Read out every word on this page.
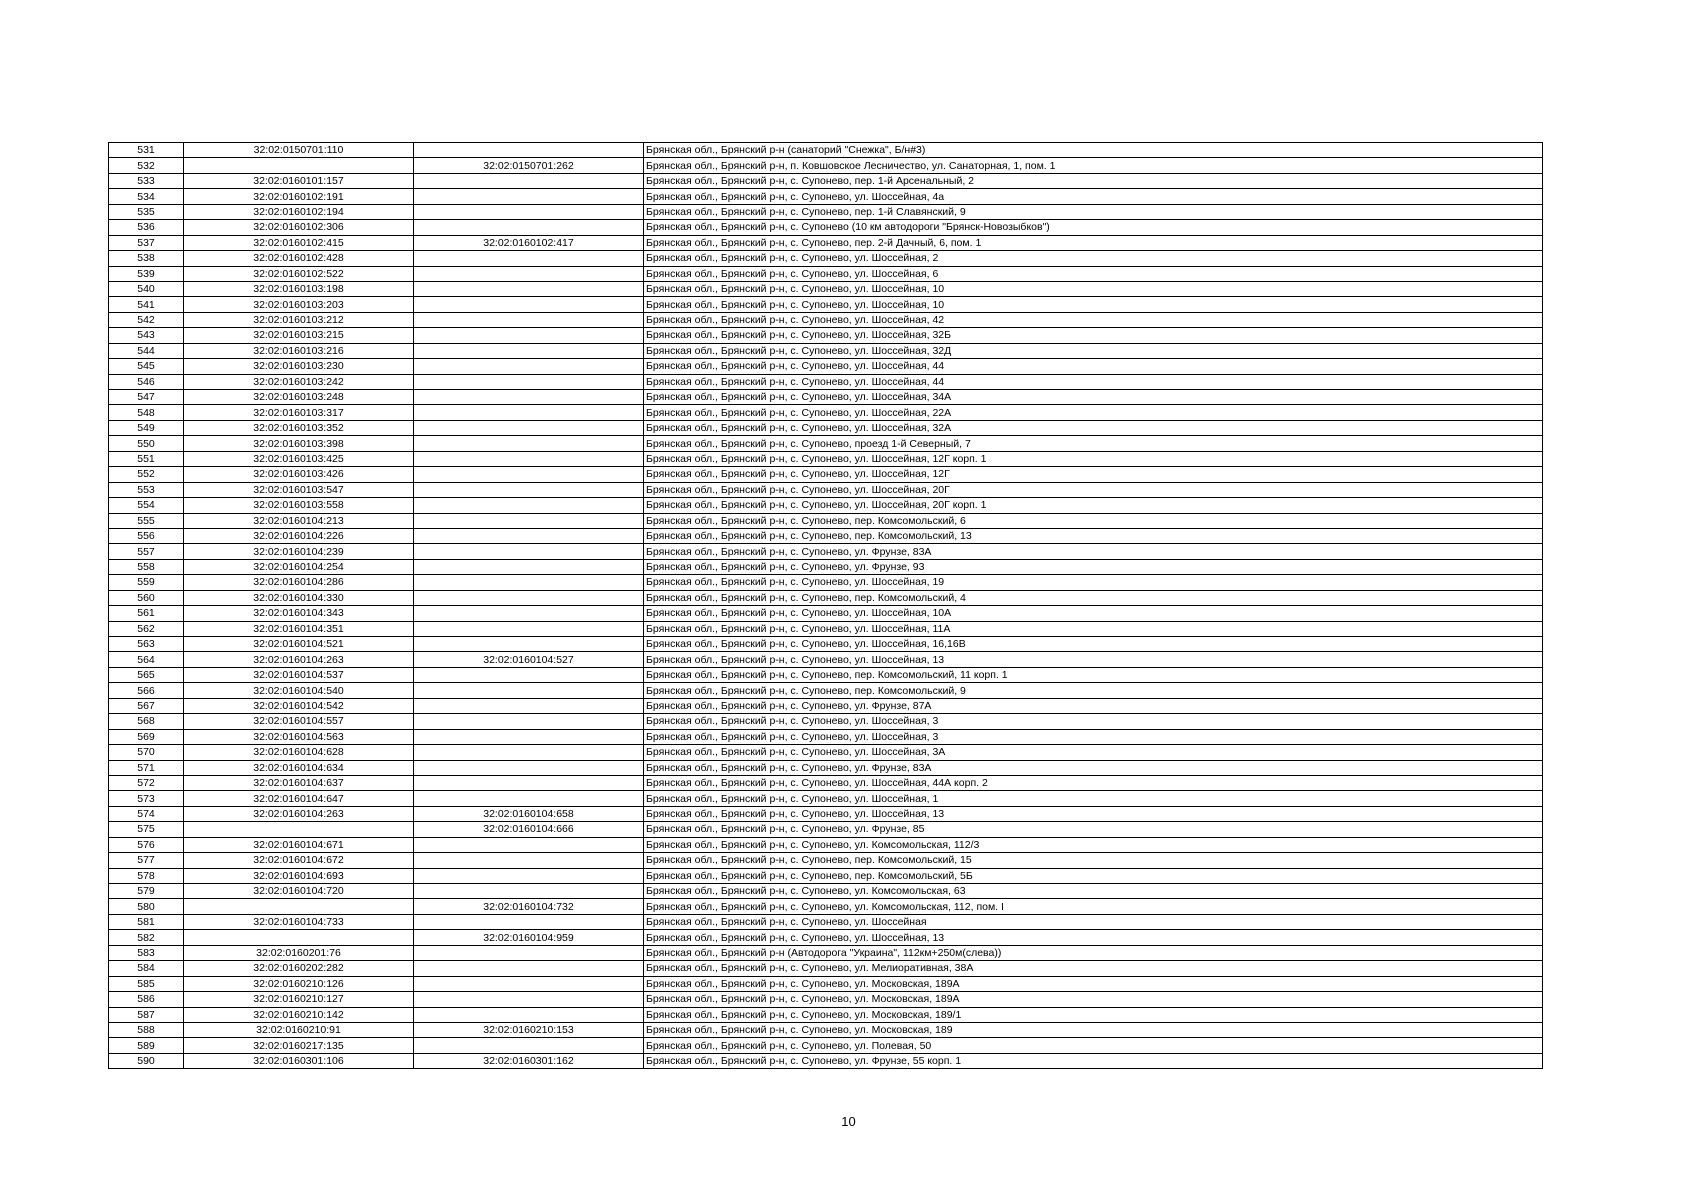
531	32:02:0150701:110		Брянская обл., Брянский р-н (санаторий "Снежка", Б/н#3)
532		32:02:0150701:262	Брянская обл., Брянский р-н, п. Ковшовское Лесничество, ул. Санаторная, 1, пом. 1
533	32:02:0160101:157		Брянская обл., Брянский р-н, с. Супонево, пер. 1-й Арсенальный, 2
534	32:02:0160102:191		Брянская обл., Брянский р-н, с. Супонево, ул. Шоссейная, 4а
535	32:02:0160102:194		Брянская обл., Брянский р-н, с. Супонево, пер. 1-й Славянский, 9
536	32:02:0160102:306		Брянская обл., Брянский р-н, с. Супонево (10 км автодороги "Брянск-Новозыбков")
537	32:02:0160102:415	32:02:0160102:417	Брянская обл., Брянский р-н, с. Супонево, пер. 2-й Дачный, 6, пом. 1
538	32:02:0160102:428		Брянская обл., Брянский р-н, с. Супонево, ул. Шоссейная, 2
539	32:02:0160102:522		Брянская обл., Брянский р-н, с. Супонево, ул. Шоссейная, 6
540	32:02:0160103:198		Брянская обл., Брянский р-н, с. Супонево, ул. Шоссейная, 10
541	32:02:0160103:203		Брянская обл., Брянский р-н, с. Супонево, ул. Шоссейная, 10
542	32:02:0160103:212		Брянская обл., Брянский р-н, с. Супонево, ул. Шоссейная, 42
543	32:02:0160103:215		Брянская обл., Брянский р-н, с. Супонево, ул. Шоссейная, 32Б
544	32:02:0160103:216		Брянская обл., Брянский р-н, с. Супонево, ул. Шоссейная, 32Д
545	32:02:0160103:230		Брянская обл., Брянский р-н, с. Супонево, ул. Шоссейная, 44
546	32:02:0160103:242		Брянская обл., Брянский р-н, с. Супонево, ул. Шоссейная, 44
547	32:02:0160103:248		Брянская обл., Брянский р-н, с. Супонево, ул. Шоссейная, 34А
548	32:02:0160103:317		Брянская обл., Брянский р-н, с. Супонево, ул. Шоссейная, 22А
549	32:02:0160103:352		Брянская обл., Брянский р-н, с. Супонево, ул. Шоссейная, 32А
550	32:02:0160103:398		Брянская обл., Брянский р-н, с. Супонево, проезд 1-й Северный, 7
551	32:02:0160103:425		Брянская обл., Брянский р-н, с. Супонево, ул. Шоссейная, 12Г корп. 1
552	32:02:0160103:426		Брянская обл., Брянский р-н, с. Супонево, ул. Шоссейная, 12Г
553	32:02:0160103:547		Брянская обл., Брянский р-н, с. Супонево, ул. Шоссейная, 20Г
554	32:02:0160103:558		Брянская обл., Брянский р-н, с. Супонево, ул. Шоссейная, 20Г корп. 1
555	32:02:0160104:213		Брянская обл., Брянский р-н, с. Супонево, пер. Комсомольский, 6
556	32:02:0160104:226		Брянская обл., Брянский р-н, с. Супонево, пер. Комсомольский, 13
557	32:02:0160104:239		Брянская обл., Брянский р-н, с. Супонево, ул. Фрунзе, 83А
558	32:02:0160104:254		Брянская обл., Брянский р-н, с. Супонево, ул. Фрунзе, 93
559	32:02:0160104:286		Брянская обл., Брянский р-н, с. Супонево, ул. Шоссейная, 19
560	32:02:0160104:330		Брянская обл., Брянский р-н, с. Супонево, пер. Комсомольский, 4
561	32:02:0160104:343		Брянская обл., Брянский р-н, с. Супонево, ул. Шоссейная, 10А
562	32:02:0160104:351		Брянская обл., Брянский р-н, с. Супонево, ул. Шоссейная, 11А
563	32:02:0160104:521		Брянская обл., Брянский р-н, с. Супонево, ул. Шоссейная, 16,16В
564	32:02:0160104:263	32:02:0160104:527	Брянская обл., Брянский р-н, с. Супонево, ул. Шоссейная, 13
565	32:02:0160104:537		Брянская обл., Брянский р-н, с. Супонево, пер. Комсомольский, 11 корп. 1
566	32:02:0160104:540		Брянская обл., Брянский р-н, с. Супонево, пер. Комсомольский, 9
567	32:02:0160104:542		Брянская обл., Брянский р-н, с. Супонево, ул. Фрунзе, 87А
568	32:02:0160104:557		Брянская обл., Брянский р-н, с. Супонево, ул. Шоссейная, 3
569	32:02:0160104:563		Брянская обл., Брянский р-н, с. Супонево, ул. Шоссейная, 3
570	32:02:0160104:628		Брянская обл., Брянский р-н, с. Супонево, ул. Шоссейная, 3А
571	32:02:0160104:634		Брянская обл., Брянский р-н, с. Супонево, ул. Фрунзе, 83А
572	32:02:0160104:637		Брянская обл., Брянский р-н, с. Супонево, ул. Шоссейная, 44А корп. 2
573	32:02:0160104:647		Брянская обл., Брянский р-н, с. Супонево, ул. Шоссейная, 1
574	32:02:0160104:263	32:02:0160104:658	Брянская обл., Брянский р-н, с. Супонево, ул. Шоссейная, 13
575		32:02:0160104:666	Брянская обл., Брянский р-н, с. Супонево, ул. Фрунзе, 85
576	32:02:0160104:671		Брянская обл., Брянский р-н, с. Супонево, ул. Комсомольская, 112/3
577	32:02:0160104:672		Брянская обл., Брянский р-н, с. Супонево, пер. Комсомольский, 15
578	32:02:0160104:693		Брянская обл., Брянский р-н, с. Супонево, пер. Комсомольский, 5Б
579	32:02:0160104:720		Брянская обл., Брянский р-н, с. Супонево, ул. Комсомольская, 63
580		32:02:0160104:732	Брянская обл., Брянский р-н, с. Супонево, ул. Комсомольская, 112, пом. I
581	32:02:0160104:733		Брянская обл., Брянский р-н, с. Супонево, ул. Шоссейная
582		32:02:0160104:959	Брянская обл., Брянский р-н, с. Супонево, ул. Шоссейная, 13
583	32:02:0160201:76		Брянская обл., Брянский р-н (Автодорога "Украина", 112км+250м(слева))
584	32:02:0160202:282		Брянская обл., Брянский р-н, с. Супонево, ул. Мелиоративная, 38А
585	32:02:0160210:126		Брянская обл., Брянский р-н, с. Супонево, ул. Московская, 189А
586	32:02:0160210:127		Брянская обл., Брянский р-н, с. Супонево, ул. Московская, 189А
587	32:02:0160210:142		Брянская обл., Брянский р-н, с. Супонево, ул. Московская, 189/1
588	32:02:0160210:91	32:02:0160210:153	Брянская обл., Брянский р-н, с. Супонево, ул. Московская, 189
589	32:02:0160217:135		Брянская обл., Брянский р-н, с. Супонево, ул. Полевая, 50
590	32:02:0160301:106	32:02:0160301:162	Брянская обл., Брянский р-н, с. Супонево, ул. Фрунзе, 55 корп. 1
10
